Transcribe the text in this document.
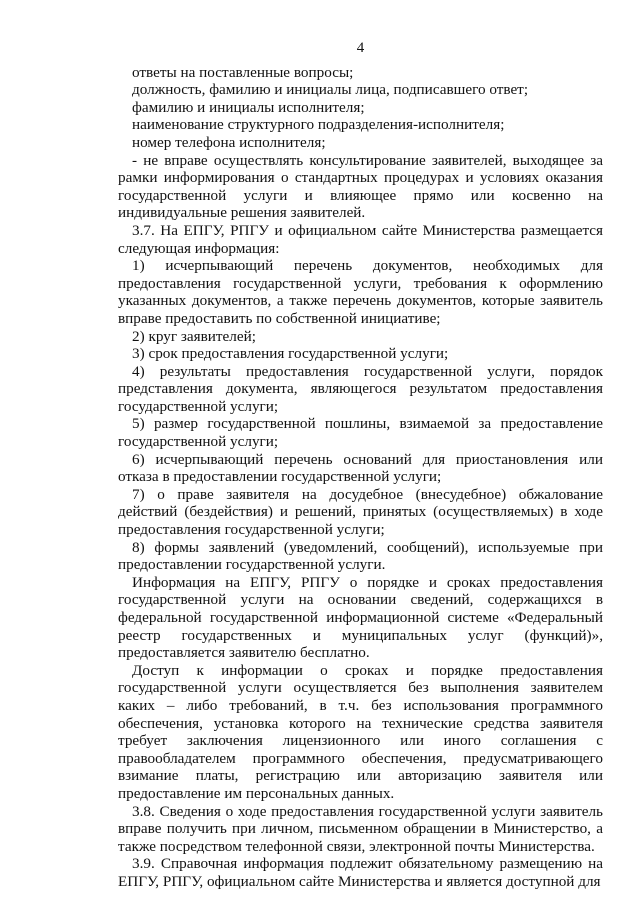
4
ответы на поставленные вопросы;
должность, фамилию и инициалы лица, подписавшего ответ;
фамилию и инициалы исполнителя;
наименование структурного подразделения-исполнителя;
номер телефона исполнителя;

- не вправе осуществлять консультирование заявителей, выходящее за рамки информирования о стандартных процедурах и условиях оказания государственной услуги и влияющее прямо или косвенно на индивидуальные решения заявителей.

3.7. На ЕПГУ, РПГУ и официальном сайте Министерства размещается следующая информация:

1) исчерпывающий перечень документов, необходимых для предоставления государственной услуги, требования к оформлению указанных документов, а также перечень документов, которые заявитель вправе предоставить по собственной инициативе;

2) круг заявителей;

3) срок предоставления государственной услуги;

4) результаты предоставления государственной услуги, порядок представления документа, являющегося результатом предоставления государственной услуги;

5) размер государственной пошлины, взимаемой за предоставление государственной услуги;

6) исчерпывающий перечень оснований для приостановления или отказа в предоставлении государственной услуги;

7) о праве заявителя на досудебное (внесудебное) обжалование действий (бездействия) и решений, принятых (осуществляемых) в ходе предоставления государственной услуги;

8) формы заявлений (уведомлений, сообщений), используемые при предоставлении государственной услуги.

Информация на ЕПГУ, РПГУ о порядке и сроках предоставления государственной услуги на основании сведений, содержащихся в федеральной государственной информационной системе «Федеральный реестр государственных и муниципальных услуг (функций)», предоставляется заявителю бесплатно.

Доступ к информации о сроках и порядке предоставления государственной услуги осуществляется без выполнения заявителем каких – либо требований, в т.ч. без использования программного обеспечения, установка которого на технические средства заявителя требует заключения лицензионного или иного соглашения с правообладателем программного обеспечения, предусматривающего взимание платы, регистрацию или авторизацию заявителя или предоставление им персональных данных.

3.8. Сведения о ходе предоставления государственной услуги заявитель вправе получить при личном, письменном обращении в Министерство, а также посредством телефонной связи, электронной почты Министерства.

3.9. Справочная информация подлежит обязательному размещению на ЕПГУ, РПГУ, официальном сайте Министерства и является доступной для
